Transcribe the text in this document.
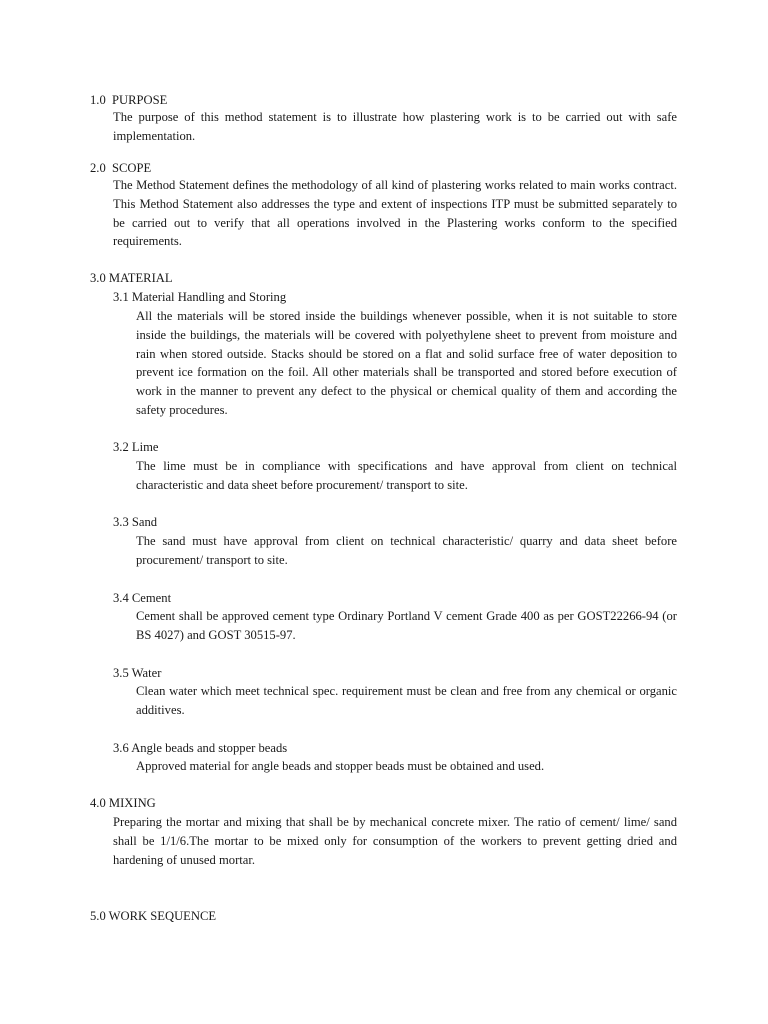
1.0 PURPOSE
The purpose of this method statement is to illustrate how plastering work is to be carried out with safe implementation.
2.0 SCOPE
The Method Statement defines the methodology of all kind of plastering works related to main works contract. This Method Statement also addresses the type and extent of inspections ITP must be submitted separately to be carried out to verify that all operations involved in the Plastering works conform to the specified requirements.
3.0 MATERIAL
3.1 Material Handling and Storing
All the materials will be stored inside the buildings whenever possible, when it is not suitable to store inside the buildings, the materials will be covered with polyethylene sheet to prevent from moisture and rain when stored outside. Stacks should be stored on a flat and solid surface free of water deposition to prevent ice formation on the foil. All other materials shall be transported and stored before execution of work in the manner to prevent any defect to the physical or chemical quality of them and according the safety procedures.
3.2 Lime
The lime must be in compliance with specifications and have approval from client on technical characteristic and data sheet before procurement/ transport to site.
3.3 Sand
The sand must have approval from client on technical characteristic/ quarry and data sheet before procurement/ transport to site.
3.4 Cement
Cement shall be approved cement type Ordinary Portland V cement Grade 400 as per GOST22266-94 (or BS 4027) and GOST 30515-97.
3.5 Water
Clean water which meet technical spec. requirement must be clean and free from any chemical or organic additives.
3.6 Angle beads and stopper beads
Approved material for angle beads and stopper beads must be obtained and used.
4.0 MIXING
Preparing the mortar and mixing that shall be by mechanical concrete mixer. The ratio of cement/ lime/ sand shall be 1/1/6.The mortar to be mixed only for consumption of the workers to prevent getting dried and hardening of unused mortar.
5.0 WORK SEQUENCE
